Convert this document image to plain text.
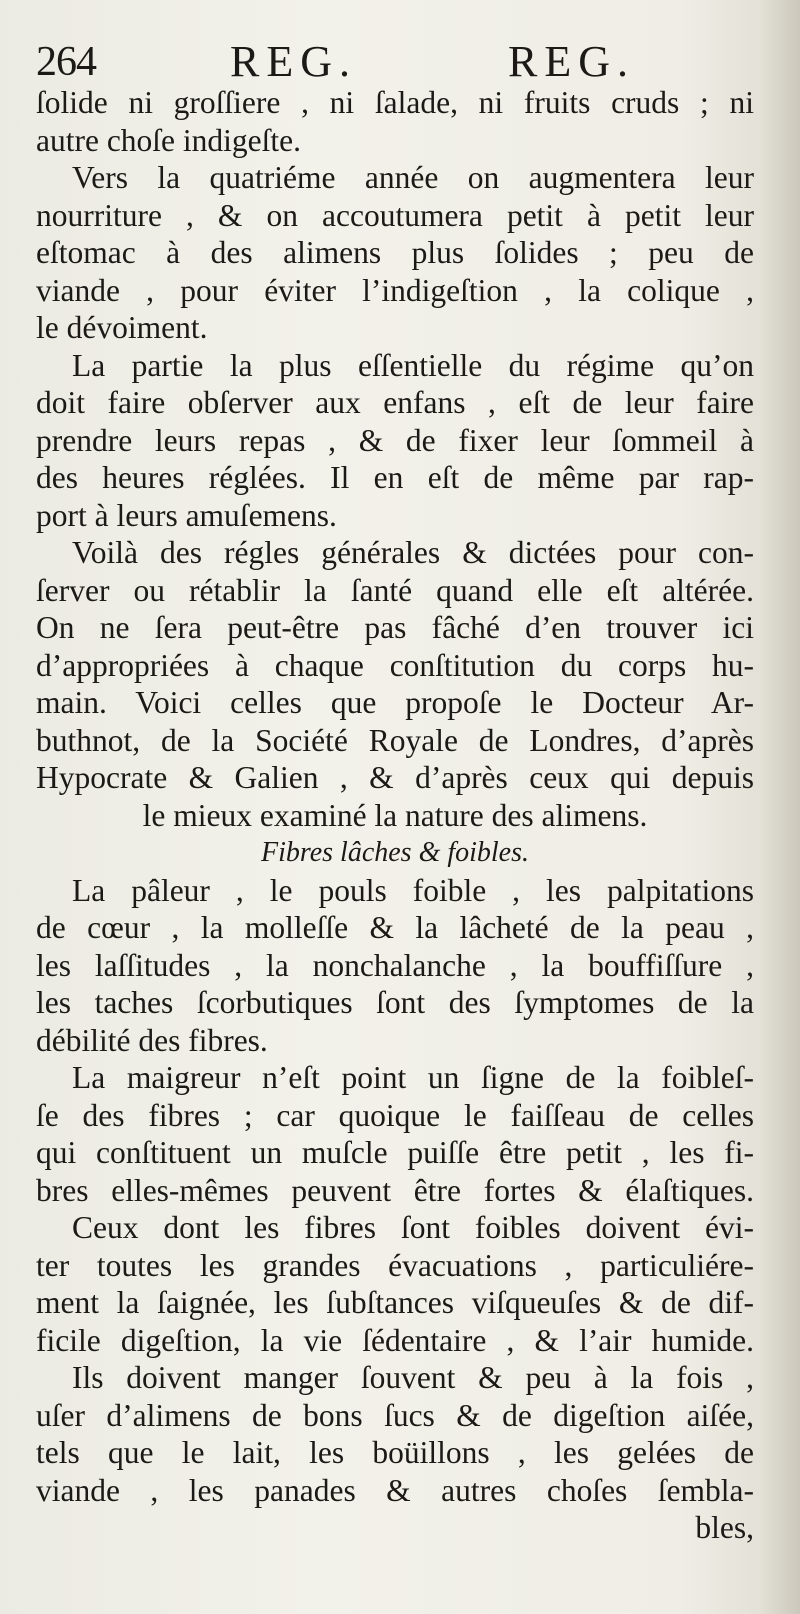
264	REG.	REG.
ſolide ni groſſiere , ni ſalade, ni fruits cruds ; ni
autre choſe indigeſte.
Vers la quatriéme année on augmentera leur
nourriture , & on accoutumera petit à petit leur
eſtomac à des alimens plus ſolides ; peu de
viande , pour éviter l’indigeſtion , la colique ,
le dévoiment.
La partie la plus eſſentielle du régime qu’on
doit faire obſerver aux enfans , eſt de leur faire
prendre leurs repas , & de fixer leur ſommeil à
des heures réglées. Il en eſt de même par rap-
port à leurs amuſemens.
Voilà des régles générales & dictées pour con-
ſerver ou rétablir la ſanté quand elle eſt altérée.
On ne ſera peut-être pas fâché d’en trouver ici
d’appropriées à chaque conſtitution du corps hu-
main. Voici celles que propoſe le Docteur Ar-
buthnot, de la Société Royale de Londres, d’après
Hypocrate & Galien , & d’après ceux qui depuis
le mieux examiné la nature des alimens.
Fibres lâches & foibles.
La pâleur , le pouls foible , les palpitations
de cœur , la molleſſe & la lâcheté de la peau ,
les laſſitudes , la nonchalanche , la bouffiſſure ,
les taches ſcorbutiques ſont des ſymptomes de la
débilité des fibres.
La maigreur n’eſt point un ſigne de la foibleſ-
ſe des fibres ; car quoique le faiſſeau de celles
qui conſtituent un muſcle puiſſe être petit , les fi-
bres elles-mêmes peuvent être fortes & élaſtiques.
Ceux dont les fibres ſont foibles doivent évi-
ter toutes les grandes évacuations , particuliére-
ment la ſaignée, les ſubſtances viſqueuſes & de dif-
ficile digeſtion, la vie ſédentaire , & l’air humide.
Ils doivent manger ſouvent & peu à la fois ,
uſer d’alimens de bons ſucs & de digeſtion aiſée,
tels que le lait, les boüillons , les gelées de
viande , les panades & autres choſes ſembla-
bles,
